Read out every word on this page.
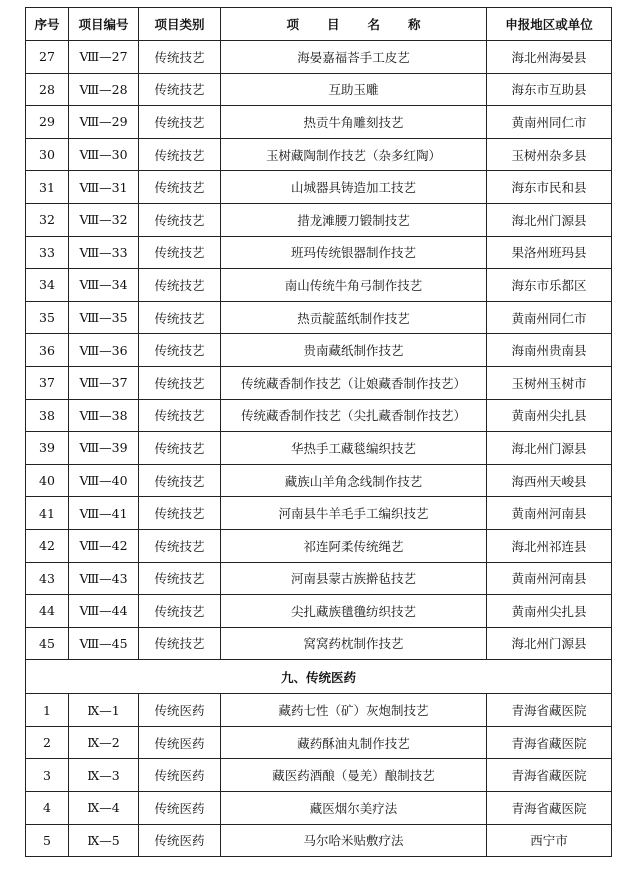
序号	项目编号	项目类别	项目名称	申报地区或单位
27	Ⅷ—27	传统技艺	海晏嘉福荅手工皮艺	海北州海晏县
28	Ⅷ—28	传统技艺	互助玉雕	海东市互助县
29	Ⅷ—29	传统技艺	热贡牛角雕刻技艺	黄南州同仁市
30	Ⅷ—30	传统技艺	玉树藏陶制作技艺（杂多红陶）	玉树州杂多县
31	Ⅷ—31	传统技艺	山城器具铸造加工技艺	海东市民和县
32	Ⅷ—32	传统技艺	措龙滩腰刀锻制技艺	海北州门源县
33	Ⅷ—33	传统技艺	班玛传统银器制作技艺	果洛州班玛县
34	Ⅷ—34	传统技艺	南山传统牛角弓制作技艺	海东市乐都区
35	Ⅷ—35	传统技艺	热贡靛蓝纸制作技艺	黄南州同仁市
36	Ⅷ—36	传统技艺	贵南藏纸制作技艺	海南州贵南县
37	Ⅷ—37	传统技艺	传统藏香制作技艺（让娘藏香制作技艺）	玉树州玉树市
38	Ⅷ—38	传统技艺	传统藏香制作技艺（尖扎藏香制作技艺）	黄南州尖扎县
39	Ⅷ—39	传统技艺	华热手工藏毯编织技艺	海北州门源县
40	Ⅷ—40	传统技艺	藏族山羊角念线制作技艺	海西州天峻县
41	Ⅷ—41	传统技艺	河南县牛羊毛手工编织技艺	黄南州河南县
42	Ⅷ—42	传统技艺	祁连阿柔传统绳艺	海北州祁连县
43	Ⅷ—43	传统技艺	河南县蒙古族擀毡技艺	黄南州河南县
44	Ⅷ—44	传统技艺	尖扎藏族氆氇纺织技艺	黄南州尖扎县
45	Ⅷ—45	传统技艺	窝窝药枕制作技艺	海北州门源县
九、传统医药				
1	Ⅸ—1	传统医药	藏药七性（矿）灰炮制技艺	青海省藏医院
2	Ⅸ—2	传统医药	藏药酥油丸制作技艺	青海省藏医院
3	Ⅸ—3	传统医药	藏医药酒酿（曼羌）酿制技艺	青海省藏医院
4	Ⅸ—4	传统医药	藏医烟尔美疗法	青海省藏医院
5	Ⅸ—5	传统医药	马尔哈米贴敷疗法	西宁市
